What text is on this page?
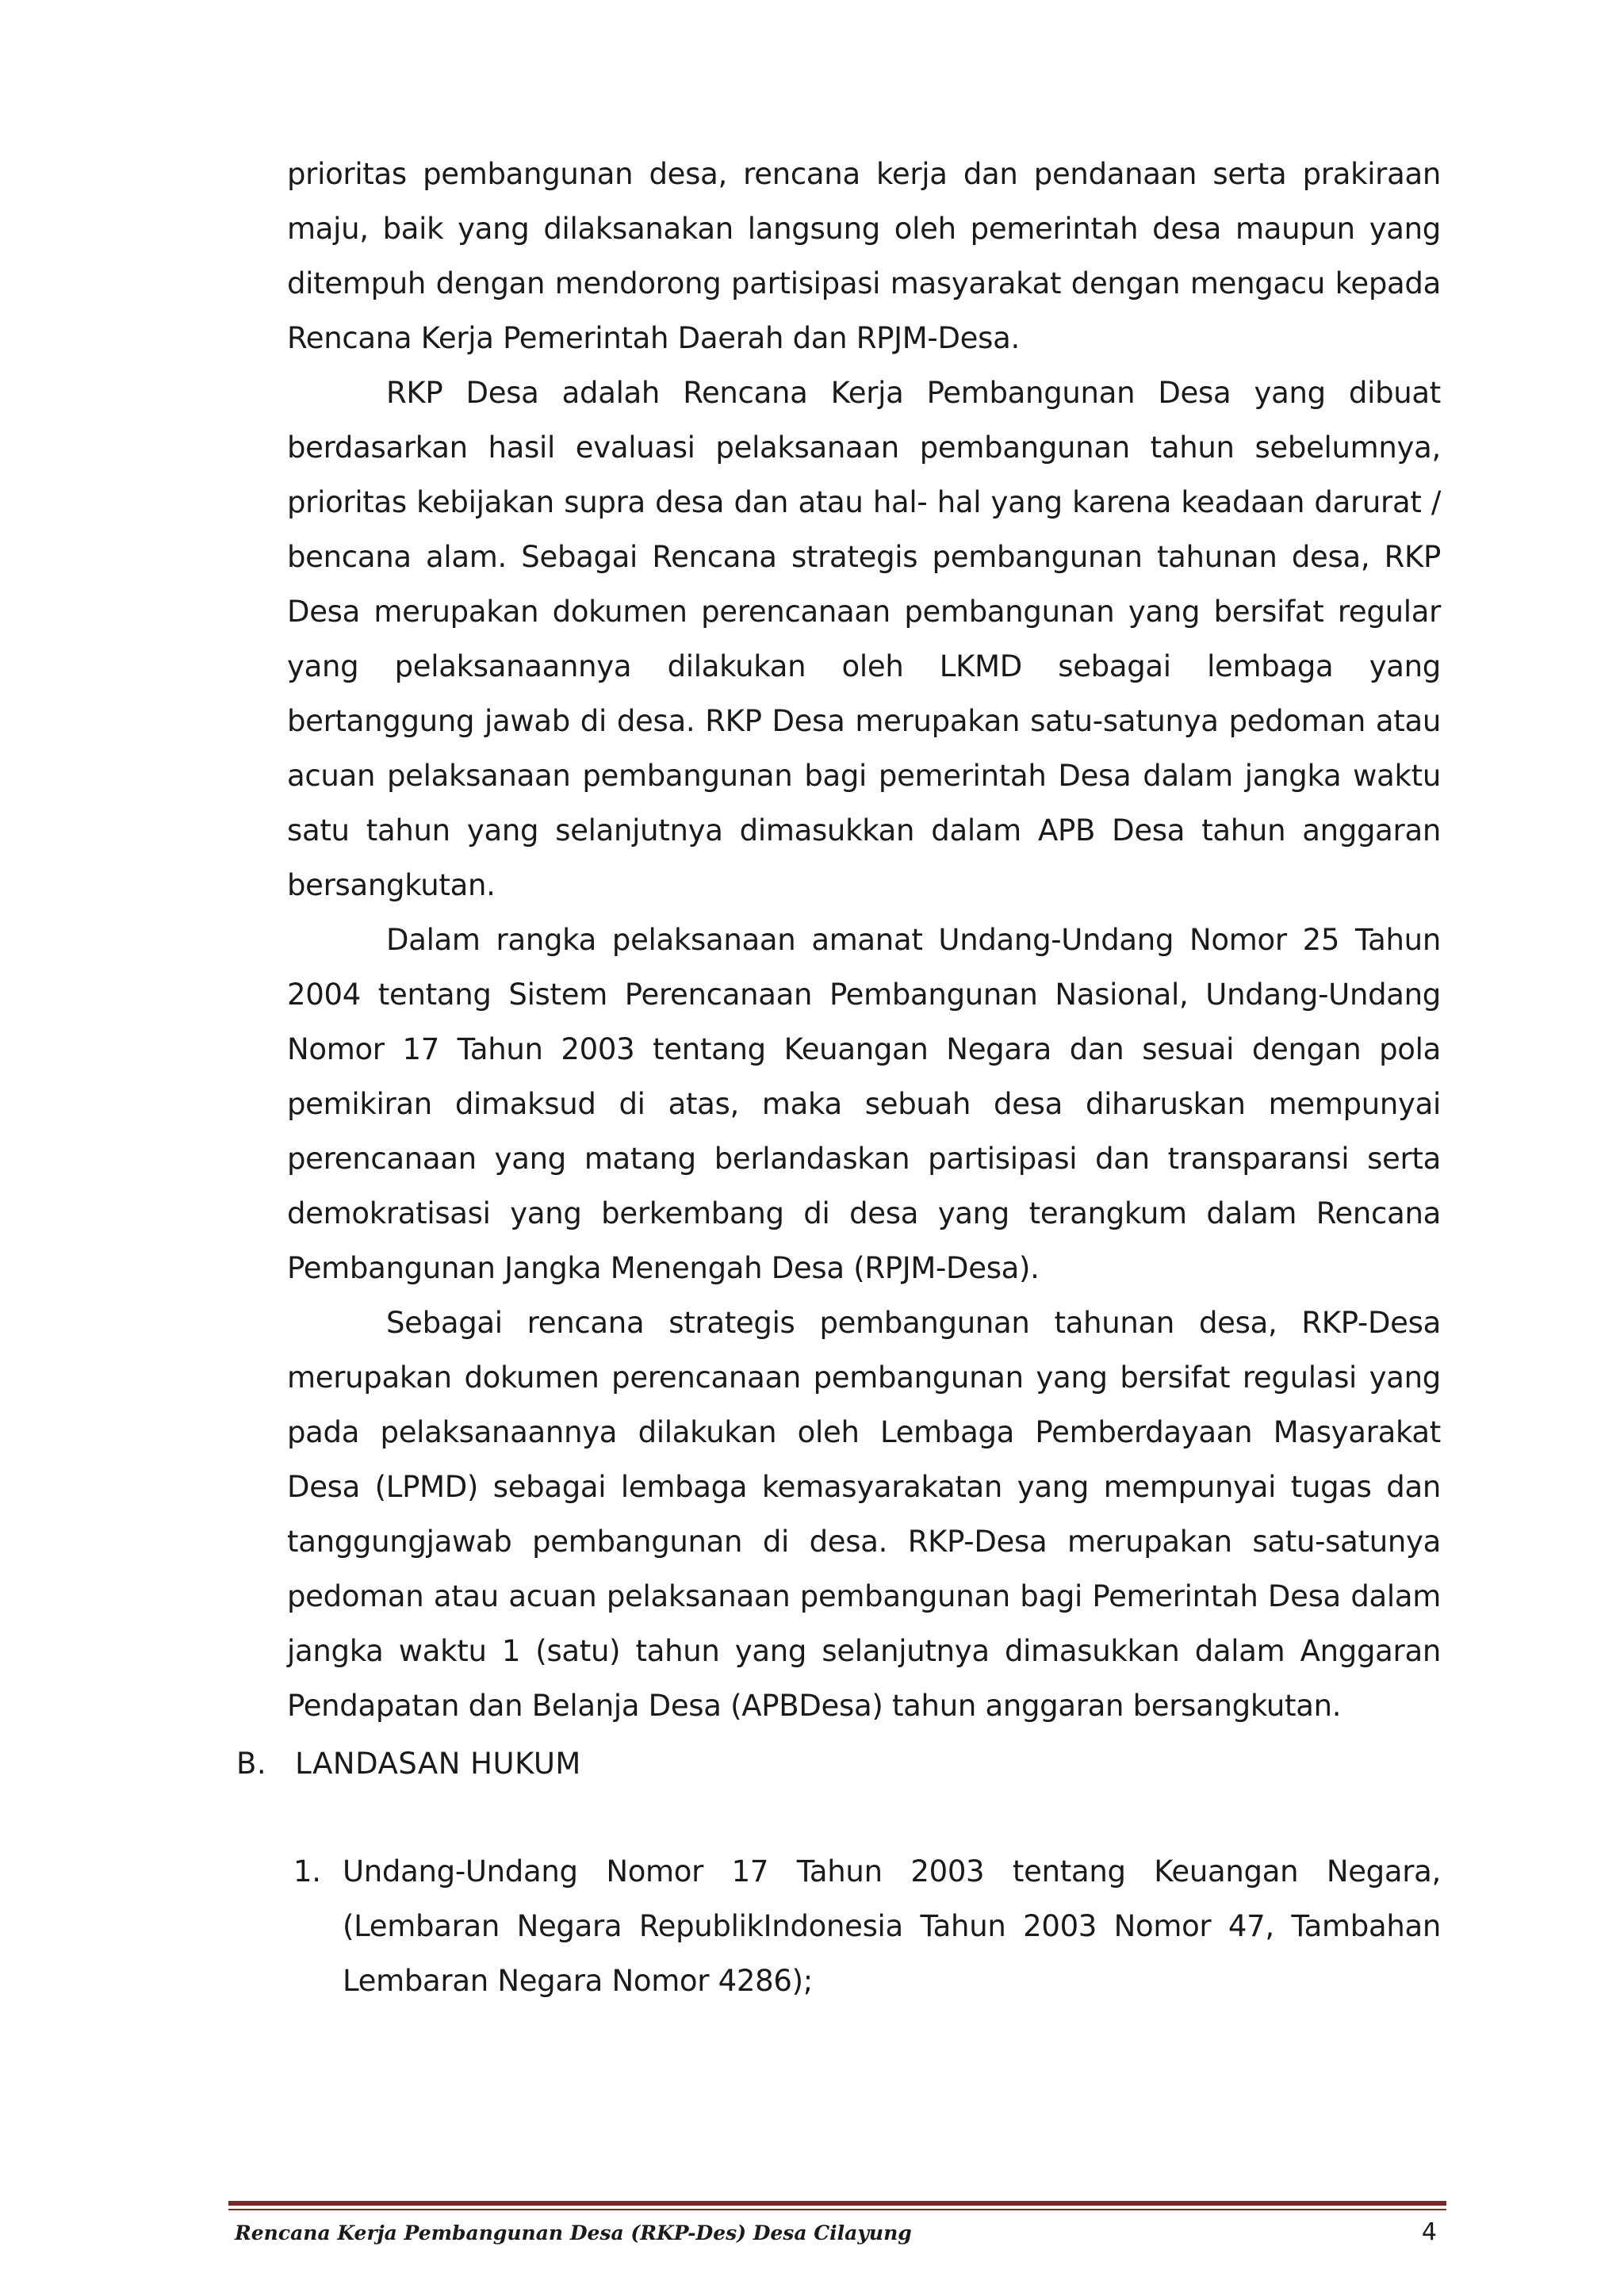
prioritas pembangunan desa, rencana kerja dan pendanaan serta prakiraan maju, baik yang dilaksanakan langsung oleh pemerintah desa maupun yang ditempuh dengan mendorong partisipasi masyarakat dengan mengacu kepada Rencana Kerja Pemerintah Daerah dan RPJM-Desa.

RKP Desa adalah Rencana Kerja Pembangunan Desa yang dibuat berdasarkan hasil evaluasi pelaksanaan pembangunan tahun sebelumnya, prioritas kebijakan supra desa dan atau hal- hal yang karena keadaan darurat / bencana alam. Sebagai Rencana strategis pembangunan tahunan desa, RKP Desa merupakan dokumen perencanaan pembangunan yang bersifat regular yang pelaksanaannya dilakukan oleh LKMD sebagai lembaga yang bertanggung jawab di desa. RKP Desa merupakan satu-satunya pedoman atau acuan pelaksanaan pembangunan bagi pemerintah Desa dalam jangka waktu satu tahun yang selanjutnya dimasukkan dalam APB Desa tahun anggaran bersangkutan.

Dalam rangka pelaksanaan amanat Undang-Undang Nomor 25 Tahun 2004 tentang Sistem Perencanaan Pembangunan Nasional, Undang-Undang Nomor 17 Tahun 2003 tentang Keuangan Negara dan sesuai dengan pola pemikiran dimaksud di atas, maka sebuah desa diharuskan mempunyai perencanaan yang matang berlandaskan partisipasi dan transparansi serta demokratisasi yang berkembang di desa yang terangkum dalam Rencana Pembangunan Jangka Menengah Desa (RPJM-Desa).

Sebagai rencana strategis pembangunan tahunan desa, RKP-Desa merupakan dokumen perencanaan pembangunan yang bersifat regulasi yang pada pelaksanaannya dilakukan oleh Lembaga Pemberdayaan Masyarakat Desa (LPMD) sebagai lembaga kemasyarakatan yang mempunyai tugas dan tanggungjawab pembangunan di desa. RKP-Desa merupakan satu-satunya pedoman atau acuan pelaksanaan pembangunan bagi Pemerintah Desa dalam jangka waktu 1 (satu) tahun yang selanjutnya dimasukkan dalam Anggaran Pendapatan dan Belanja Desa (APBDesa) tahun anggaran bersangkutan.

B. LANDASAN HUKUM
1. Undang-Undang Nomor 17 Tahun 2003 tentang Keuangan Negara, (Lembaran Negara RepublikIndonesia Tahun 2003 Nomor 47, Tambahan Lembaran Negara Nomor 4286);
Rencana Kerja Pembangunan Desa (RKP-Des) Desa Cilayung	4
